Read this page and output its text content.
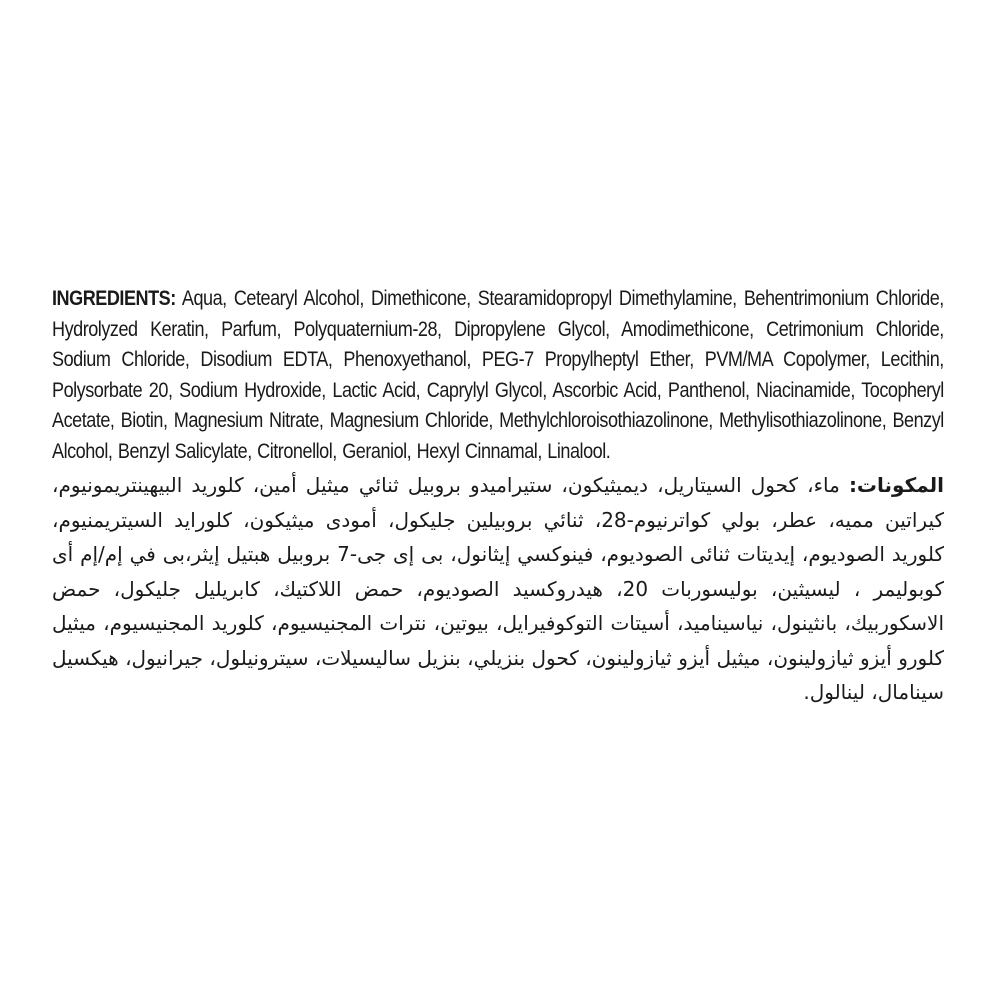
INGREDIENTS: Aqua, Cetearyl Alcohol, Dimethicone, Stearamidopropyl Dimethylamine, Behentrimonium Chloride, Hydrolyzed Keratin, Parfum, Polyquaternium-28, Dipropylene Glycol, Amodimethicone, Cetrimonium Chloride, Sodium Chloride, Disodium EDTA, Phenoxyethanol, PEG-7 Propylheptyl Ether, PVM/MA Copolymer, Lecithin, Polysorbate 20, Sodium Hydroxide, Lactic Acid, Caprylyl Glycol, Ascorbic Acid, Panthenol, Niacinamide, Tocopheryl Acetate, Biotin, Magnesium Nitrate, Magnesium Chloride, Methylchloroisothiazolinone, Methylisothiazolinone, Benzyl Alcohol, Benzyl Salicylate, Citronellol, Geraniol, Hexyl Cinnamal, Linalool.
المكونات: ماء، كحول السيتاريل، ديميثيكون، ستيراميدو بروبيل ثنائي ميثيل أمين، كلوريد البيهينتريمونيوم، كيراتين مميه، عطر، بولي كواترنيوم-28، ثنائي بروبيلين جليكول، أمودى ميثيكون، كلورايد السيتريمنيوم، كلوريد الصوديوم، إيديتات ثنائى الصوديوم، فينوكسي إيثانول، بى إى جى-7 بروبيل هبتيل إيثر،بى في إم/إم أى كوبوليمر ، ليسيثين، بوليسوربات 20، هيدروكسيد الصوديوم، حمض اللاكتيك، كابريليل جليكول، حمض الاسكوربيك، بانثينول، نياسيناميد، أسيتات التوكوفيرايل، بيوتين، نترات المجنيسيوم، كلوريد المجنيسيوم، ميثيل كلورو أيزو ثيازولينون، ميثيل أيزو ثيازولينون، كحول بنزيلي، بنزيل ساليسيلات، سيترونيلول، جيرانيول، هيكسيل سينامال، لينالول.
